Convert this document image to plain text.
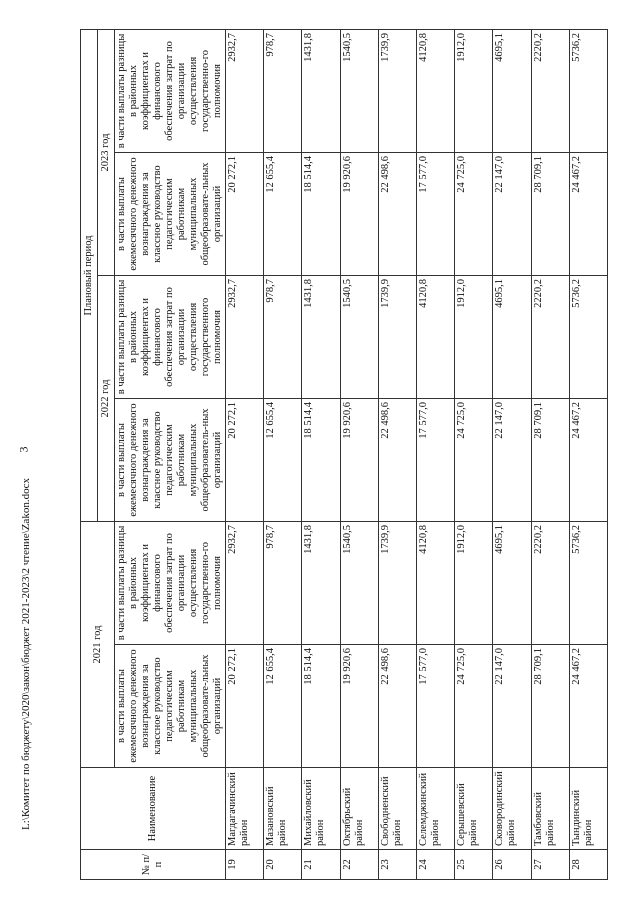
3
L:\Комитет по бюджету\2020\закон\бюджет 2021-2023\2 чтение\Zakon.docx
№ п/п	Наименование	2021 год		Плановый период			
				2022 год		2023 год	
		в части выплаты ежемесячного денежного вознаграждения за классное руководство педагогическим работникам муниципальных общеобразовате-льных организаций	в части выплаты разницы в районных коэффициентах и финансового обеспечения затрат по организации осуществления государственно-го полномочия	в части выплаты ежемесячного денежного вознаграждения за классное руководство педагогическим работникам муниципальных общеобразователь-ных организаций	в части выплаты разницы в районных коэффициентах и финансового обеспечения затрат по организации осуществления государственного полномочия	в части выплаты ежемесячного денежного вознаграждения за классное руководство педагогическим работникам муниципальных общеобразовате-льных организаций	в части выплаты разницы в районных коэффициентах и финансового обеспечения затрат по организации осуществления государственно-го полномочия
19	Магдагачинский район	20 272,1	2932,7	20 272,1	2932,7	20 272,1	2932,7
20	Мазановский район	12 655,4	978,7	12 655,4	978,7	12 655,4	978,7
21	Михайловский район	18 514,4	1431,8	18 514,4	1431,8	18 514,4	1431,8
22	Октябрьский район	19 920,6	1540,5	19 920,6	1540,5	19 920,6	1540,5
23	Свободненский район	22 498,6	1739,9	22 498,6	1739,9	22 498,6	1739,9
24	Селемджинский район	17 577,0	4120,8	17 577,0	4120,8	17 577,0	4120,8
25	Серышевский район	24 725,0	1912,0	24 725,0	1912,0	24 725,0	1912,0
26	Сковородинский район	22 147,0	4695,1	22 147,0	4695,1	22 147,0	4695,1
27	Тамбовский район	28 709,1	2220,2	28 709,1	2220,2	28 709,1	2220,2
28	Тындинский район	24 467,2	5736,2	24 467,2	5736,2	24 467,2	5736,2
